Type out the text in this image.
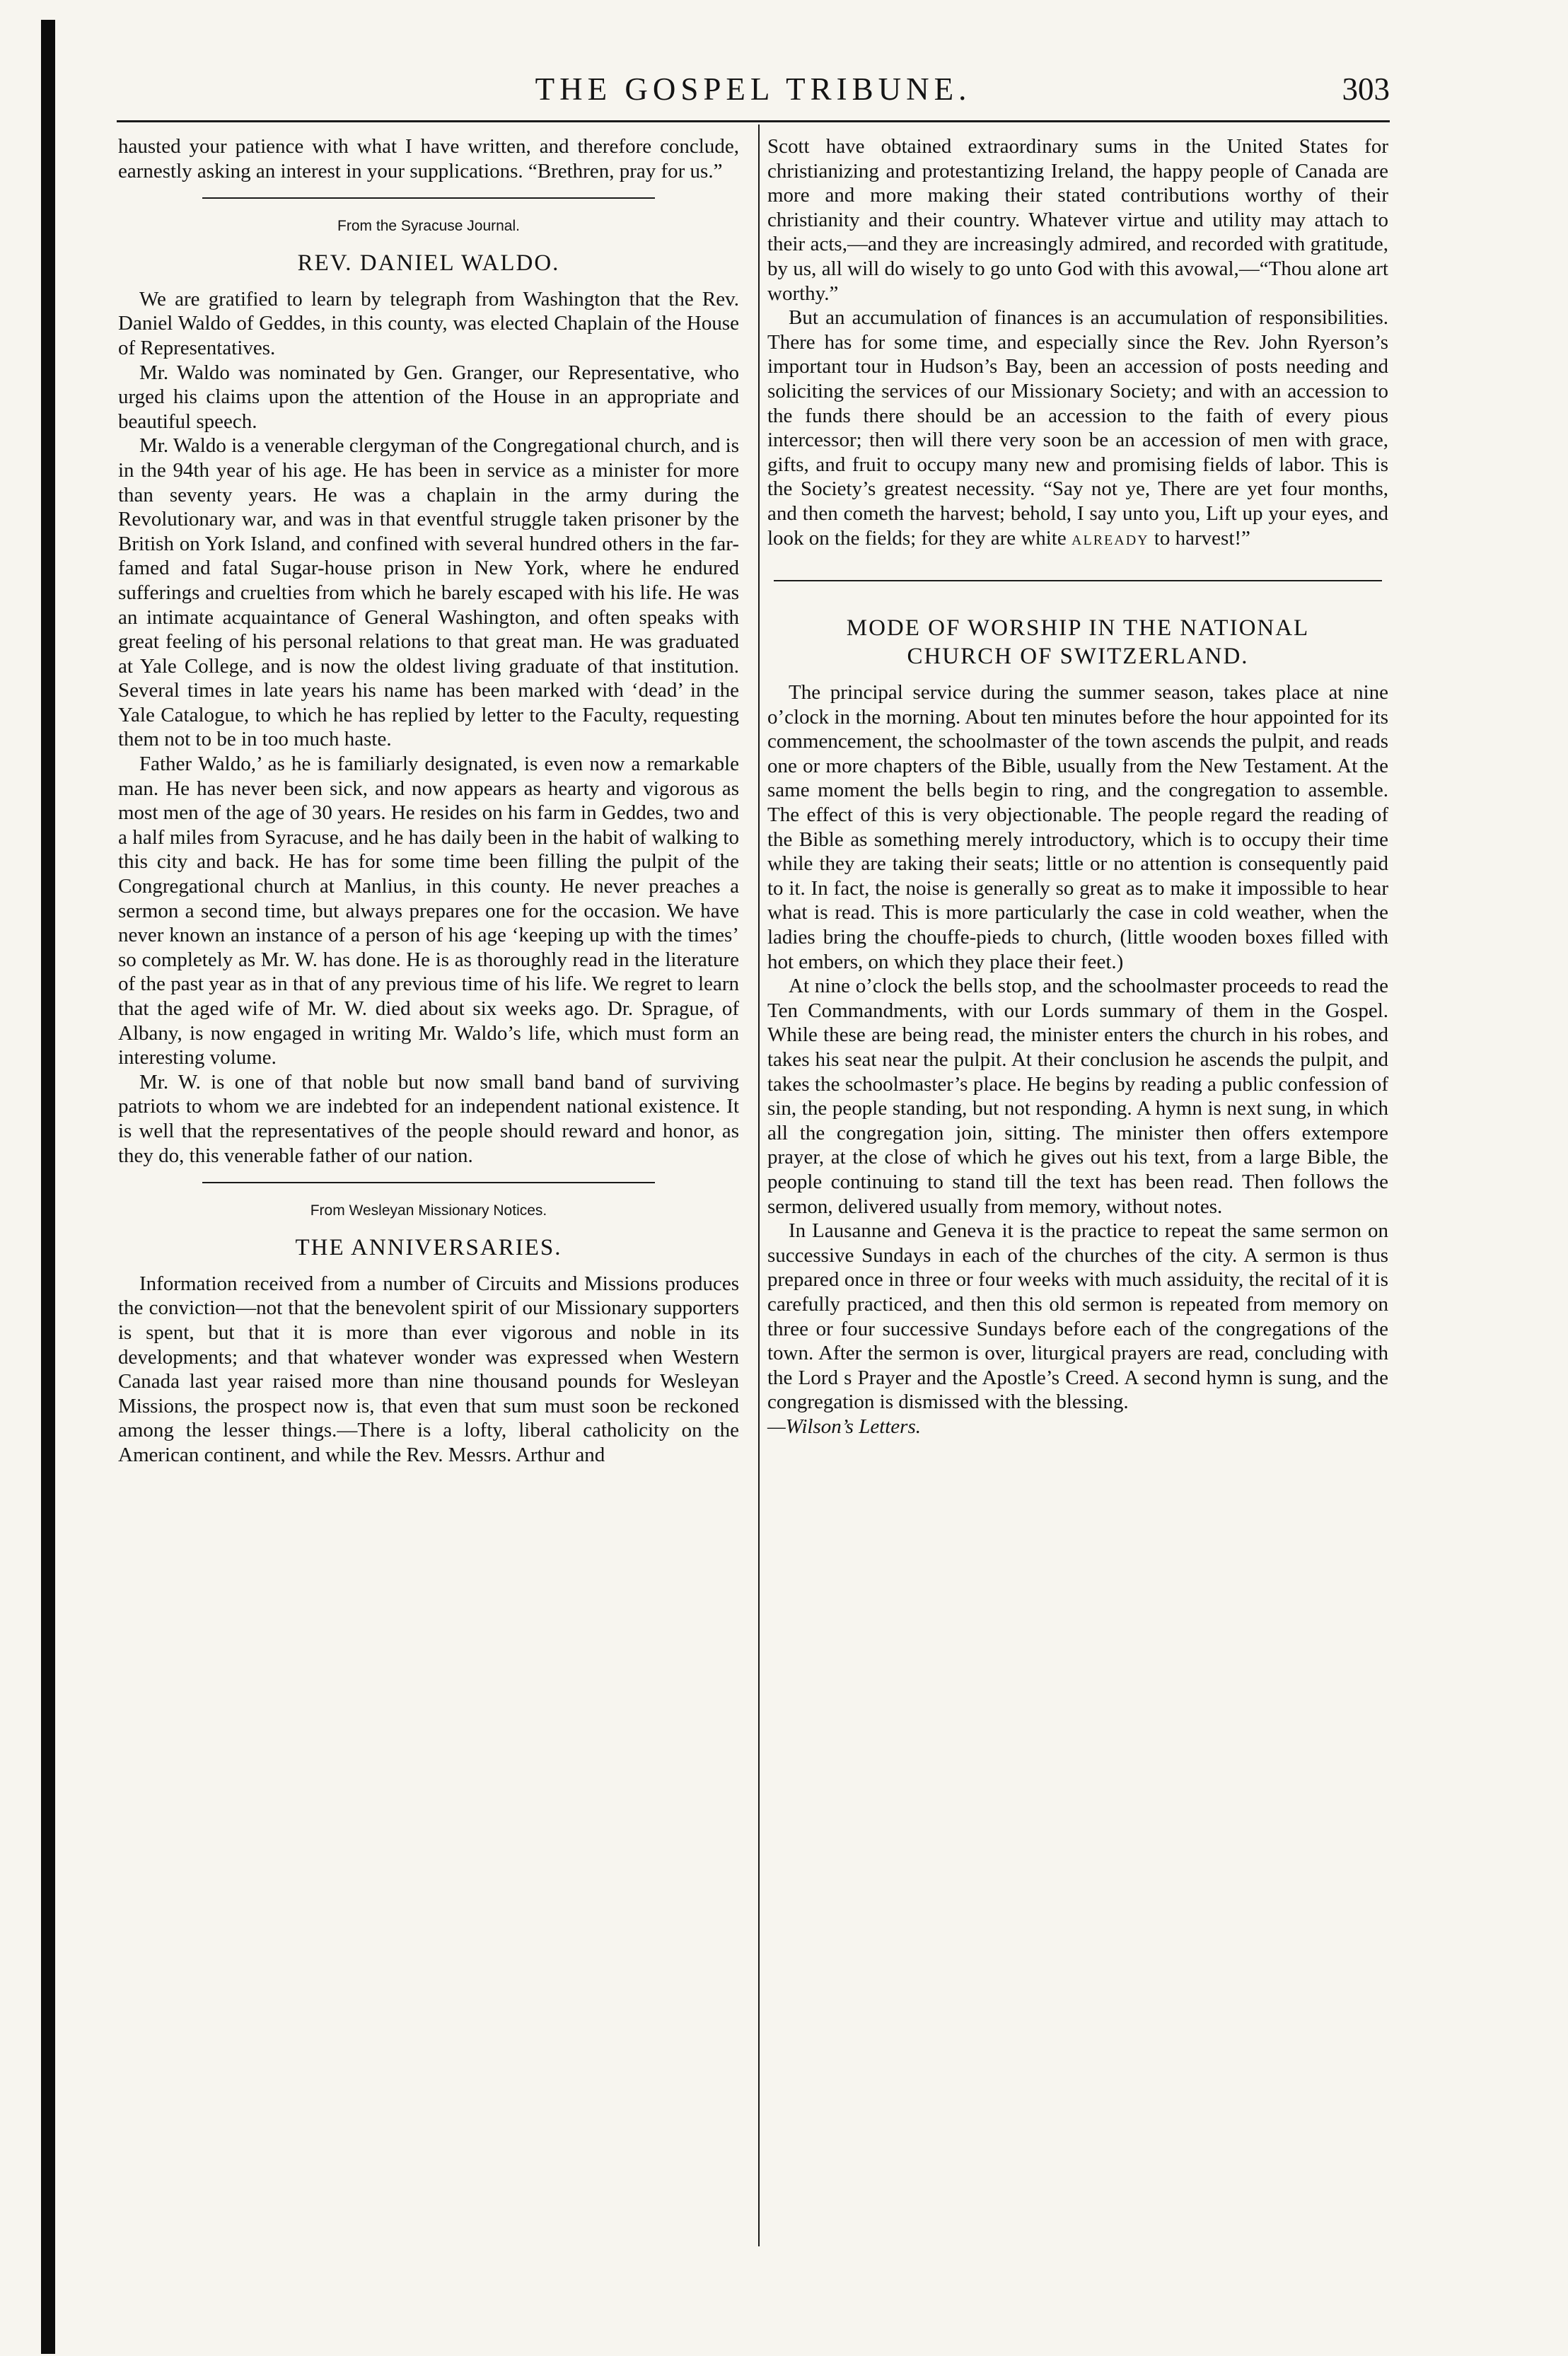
THE GOSPEL TRIBUNE.	303

hausted your patience with what I have written, and therefore conclude, earnestly asking an interest in your supplications. “Brethren, pray for us.”

From the Syracuse Journal.
REV. DANIEL WALDO.

We are gratified to learn by telegraph from Washington that the Rev. Daniel Waldo of Geddes, in this county, was elected Chaplain of the House of Representatives.

Mr. Waldo was nominated by Gen. Granger, our Representative, who urged his claims upon the attention of the House in an appropriate and beautiful speech.

Mr. Waldo is a venerable clergyman of the Congregational church, and is in the 94th year of his age. He has been in service as a minister for more than seventy years. He was a chaplain in the army during the Revolutionary war, and was in that eventful struggle taken prisoner by the British on York Island, and confined with several hundred others in the far-famed and fatal Sugar-house prison in New York, where he endured sufferings and cruelties from which he barely escaped with his life. He was an intimate acquaintance of General Washington, and often speaks with great feeling of his personal relations to that great man. He was graduated at Yale College, and is now the oldest living graduate of that institution. Several times in late years his name has been marked with ‘dead’ in the Yale Catalogue, to which he has replied by letter to the Faculty, requesting them not to be in too much haste.

Father Waldo,’ as he is familiarly designated, is even now a remarkable man. He has never been sick, and now appears as hearty and vigorous as most men of the age of 30 years. He resides on his farm in Geddes, two and a half miles from Syracuse, and he has daily been in the habit of walking to this city and back. He has for some time been filling the pulpit of the Congregational church at Manlius, in this county. He never preaches a sermon a second time, but always prepares one for the occasion. We have never known an instance of a person of his age ‘keeping up with the times’ so completely as Mr. W. has done. He is as thoroughly read in the literature of the past year as in that of any previous time of his life. We regret to learn that the aged wife of Mr. W. died about six weeks ago. Dr. Sprague, of Albany, is now engaged in writing Mr. Waldo’s life, which must form an interesting volume.

Mr. W. is one of that noble but now small band band of surviving patriots to whom we are indebted for an independent national existence. It is well that the representatives of the people should reward and honor, as they do, this venerable father of our nation.

From Wesleyan Missionary Notices.
THE ANNIVERSARIES.

Information received from a number of Circuits and Missions produces the conviction—not that the benevolent spirit of our Missionary supporters is spent, but that it is more than ever vigorous and noble in its developments; and that whatever wonder was expressed when Western Canada last year raised more than nine thousand pounds for Wesleyan Missions, the prospect now is, that even that sum must soon be reckoned among the lesser things.—There is a lofty, liberal catholicity on the American continent, and while the Rev. Messrs. Arthur and

Scott have obtained extraordinary sums in the United States for christianizing and protestantizing Ireland, the happy people of Canada are more and more making their stated contributions worthy of their christianity and their country. Whatever virtue and utility may attach to their acts,—and they are increasingly admired, and recorded with gratitude, by us, all will do wisely to go unto God with this avowal,—“Thou alone art worthy.”

But an accumulation of finances is an accumulation of responsibilities. There has for some time, and especially since the Rev. John Ryerson’s important tour in Hudson’s Bay, been an accession of posts needing and soliciting the services of our Missionary Society; and with an accession to the funds there should be an accession to the faith of every pious intercessor; then will there very soon be an accession of men with grace, gifts, and fruit to occupy many new and promising fields of labor. This is the Society’s greatest necessity. “Say not ye, There are yet four months, and then cometh the harvest; behold, I say unto you, Lift up your eyes, and look on the fields; for they are white already to harvest!”

MODE OF WORSHIP IN THE NATIONAL
CHURCH OF SWITZERLAND.

The principal service during the summer season, takes place at nine o’clock in the morning. About ten minutes before the hour appointed for its commencement, the schoolmaster of the town ascends the pulpit, and reads one or more chapters of the Bible, usually from the New Testament. At the same moment the bells begin to ring, and the congregation to assemble. The effect of this is very objectionable. The people regard the reading of the Bible as something merely introductory, which is to occupy their time while they are taking their seats; little or no attention is consequently paid to it. In fact, the noise is generally so great as to make it impossible to hear what is read. This is more particularly the case in cold weather, when the ladies bring the chouffe-pieds to church, (little wooden boxes filled with hot embers, on which they place their feet.)

At nine o’clock the bells stop, and the schoolmaster proceeds to read the Ten Commandments, with our Lords summary of them in the Gospel. While these are being read, the minister enters the church in his robes, and takes his seat near the pulpit. At their conclusion he ascends the pulpit, and takes the schoolmaster’s place. He begins by reading a public confession of sin, the people standing, but not responding. A hymn is next sung, in which all the congregation join, sitting. The minister then offers extempore prayer, at the close of which he gives out his text, from a large Bible, the people continuing to stand till the text has been read. Then follows the sermon, delivered usually from memory, without notes.

In Lausanne and Geneva it is the practice to repeat the same sermon on successive Sundays in each of the churches of the city. A sermon is thus prepared once in three or four weeks with much assiduity, the recital of it is carefully practiced, and then this old sermon is repeated from memory on three or four successive Sundays before each of the congregations of the town. After the sermon is over, liturgical prayers are read, concluding with the Lord s Prayer and the Apostle’s Creed. A second hymn is sung, and the congregation is dismissed with the blessing.

—Wilson’s Letters.
